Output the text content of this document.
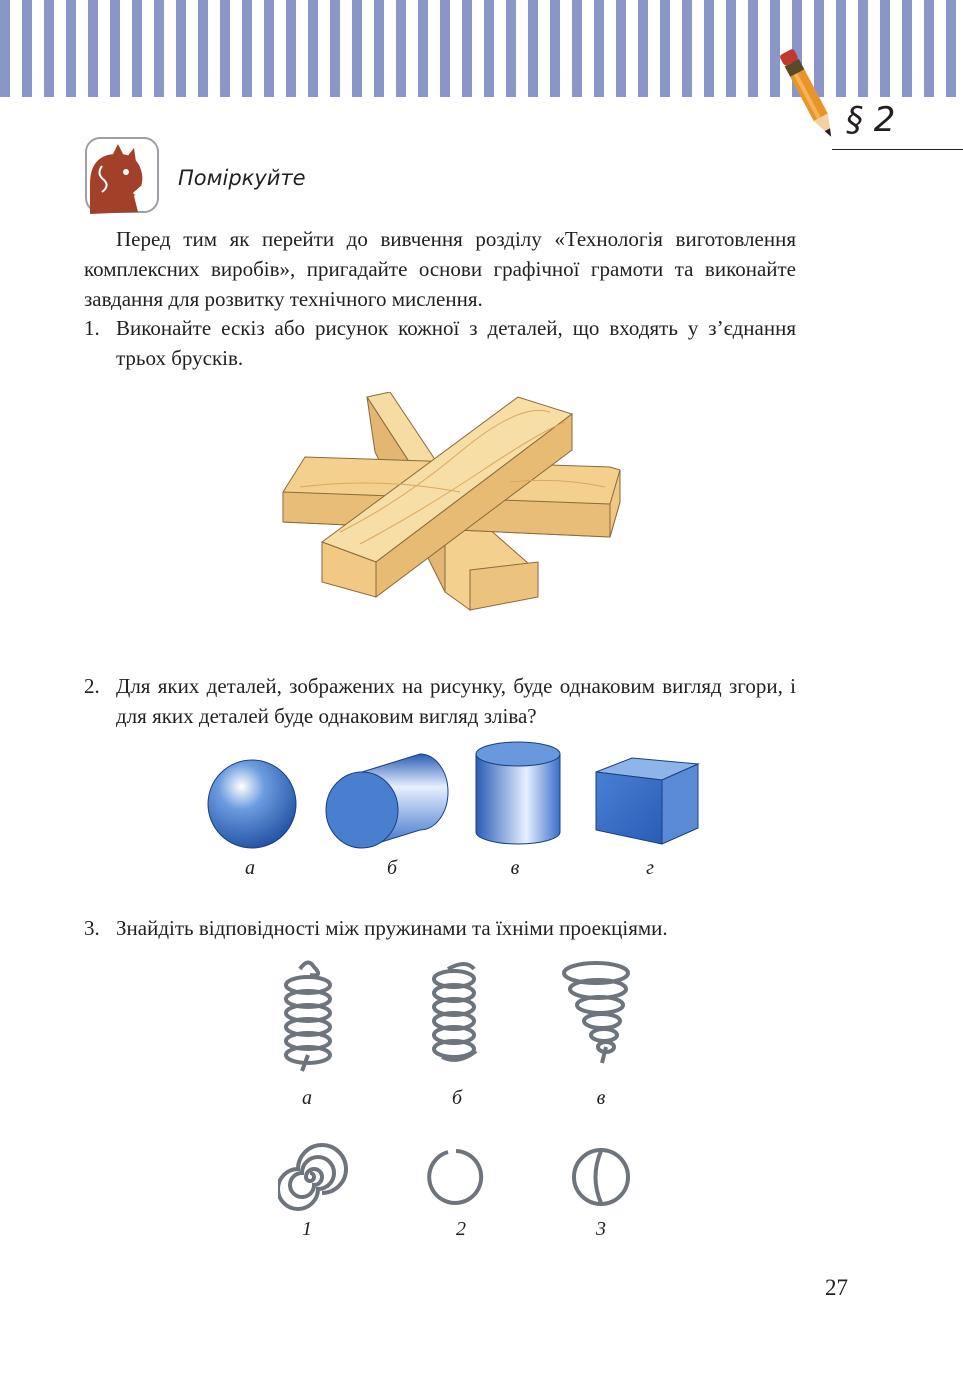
§ 2
Поміркуйте
Перед тим як перейти до вивчення розділу «Технологія виготовлення комплексних виробів», пригадайте основи графічної грамоти та виконайте завдання для розвитку технічного мислення.
1. Виконайте ескіз або рисунок кожної з деталей, що входять у з’єднання трьох брусків.
2. Для яких деталей, зображених на рисунку, буде однаковим вигляд згори, і для яких деталей буде однаковим вигляд зліва?
а	б	в	г
3. Знайдіть відповідності між пружинами та їхніми проекціями.
а	б	в
1	2	3
27
